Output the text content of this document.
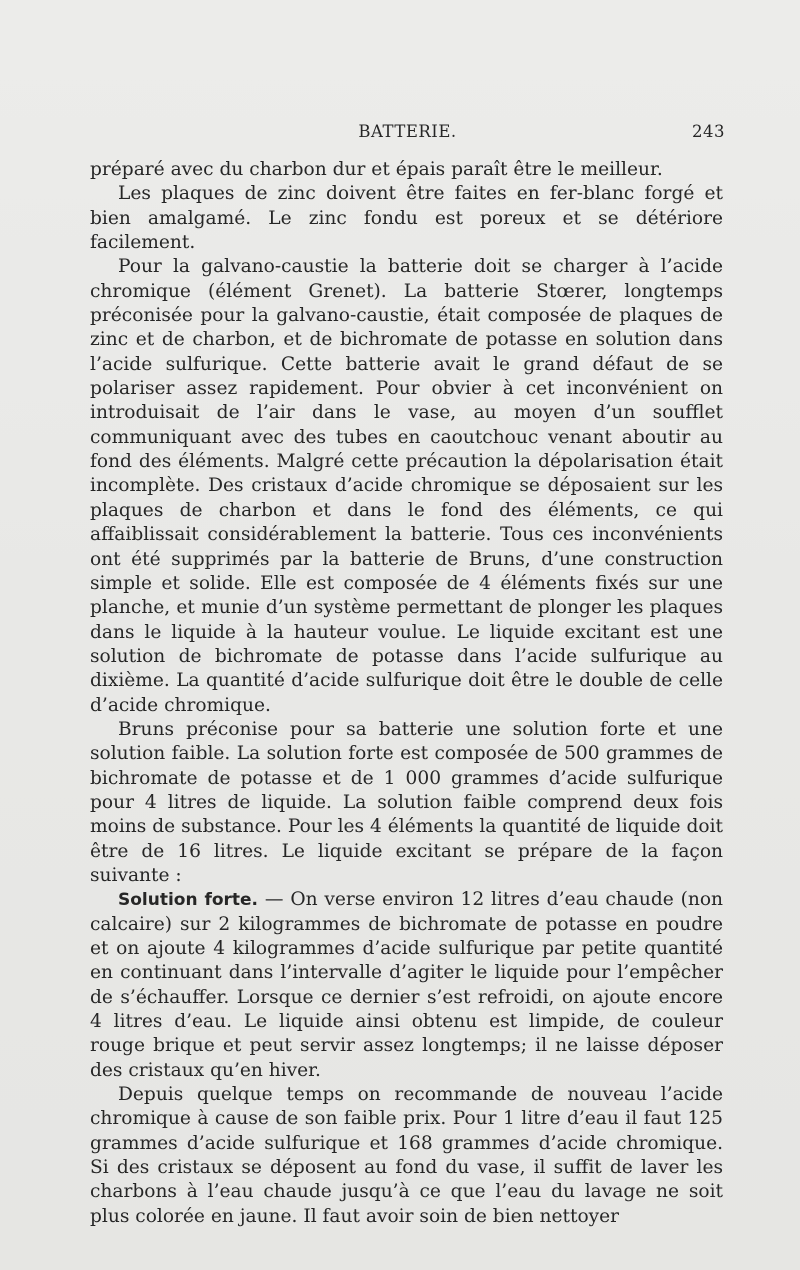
BATTERIE.	243

préparé avec du charbon dur et épais paraît être le meilleur.

Les plaques de zinc doivent être faites en fer-blanc forgé et bien amalgamé. Le zinc fondu est poreux et se détériore facilement.

Pour la galvano-caustie la batterie doit se charger à l’acide chromique (élément Grenet). La batterie Stœrer, longtemps préconisée pour la galvano-caustie, était composée de plaques de zinc et de charbon, et de bichromate de potasse en solution dans l’acide sulfurique. Cette batterie avait le grand défaut de se polariser assez rapidement. Pour obvier à cet inconvénient on introduisait de l’air dans le vase, au moyen d’un soufflet communiquant avec des tubes en caoutchouc venant aboutir au fond des éléments. Malgré cette précaution la dépolarisation était incomplète. Des cristaux d’acide chromique se déposaient sur les plaques de charbon et dans le fond des éléments, ce qui affaiblissait considérablement la batterie. Tous ces inconvénients ont été supprimés par la batterie de Bruns, d’une construction simple et solide. Elle est composée de 4 éléments fixés sur une planche, et munie d’un système permettant de plonger les plaques dans le liquide à la hauteur voulue. Le liquide excitant est une solution de bichromate de potasse dans l’acide sulfurique au dixième. La quantité d’acide sulfurique doit être le double de celle d’acide chromique.

Bruns préconise pour sa batterie une solution forte et une solution faible. La solution forte est composée de 500 grammes de bichromate de potasse et de 1 000 grammes d’acide sulfurique pour 4 litres de liquide. La solution faible comprend deux fois moins de substance. Pour les 4 éléments la quantité de liquide doit être de 16 litres. Le liquide excitant se prépare de la façon suivante :

Solution forte. — On verse environ 12 litres d’eau chaude (non calcaire) sur 2 kilogrammes de bichromate de potasse en poudre et on ajoute 4 kilogrammes d’acide sulfurique par petite quantité en continuant dans l’intervalle d’agiter le liquide pour l’empêcher de s’échauffer. Lorsque ce dernier s’est refroidi, on ajoute encore 4 litres d’eau. Le liquide ainsi obtenu est limpide, de couleur rouge brique et peut servir assez longtemps; il ne laisse déposer des cristaux qu’en hiver.

Depuis quelque temps on recommande de nouveau l’acide chromique à cause de son faible prix. Pour 1 litre d’eau il faut 125 grammes d’acide sulfurique et 168 grammes d’acide chromique. Si des cristaux se déposent au fond du vase, il suffit de laver les charbons à l’eau chaude jusqu’à ce que l’eau du lavage ne soit plus colorée en jaune. Il faut avoir soin de bien nettoyer
